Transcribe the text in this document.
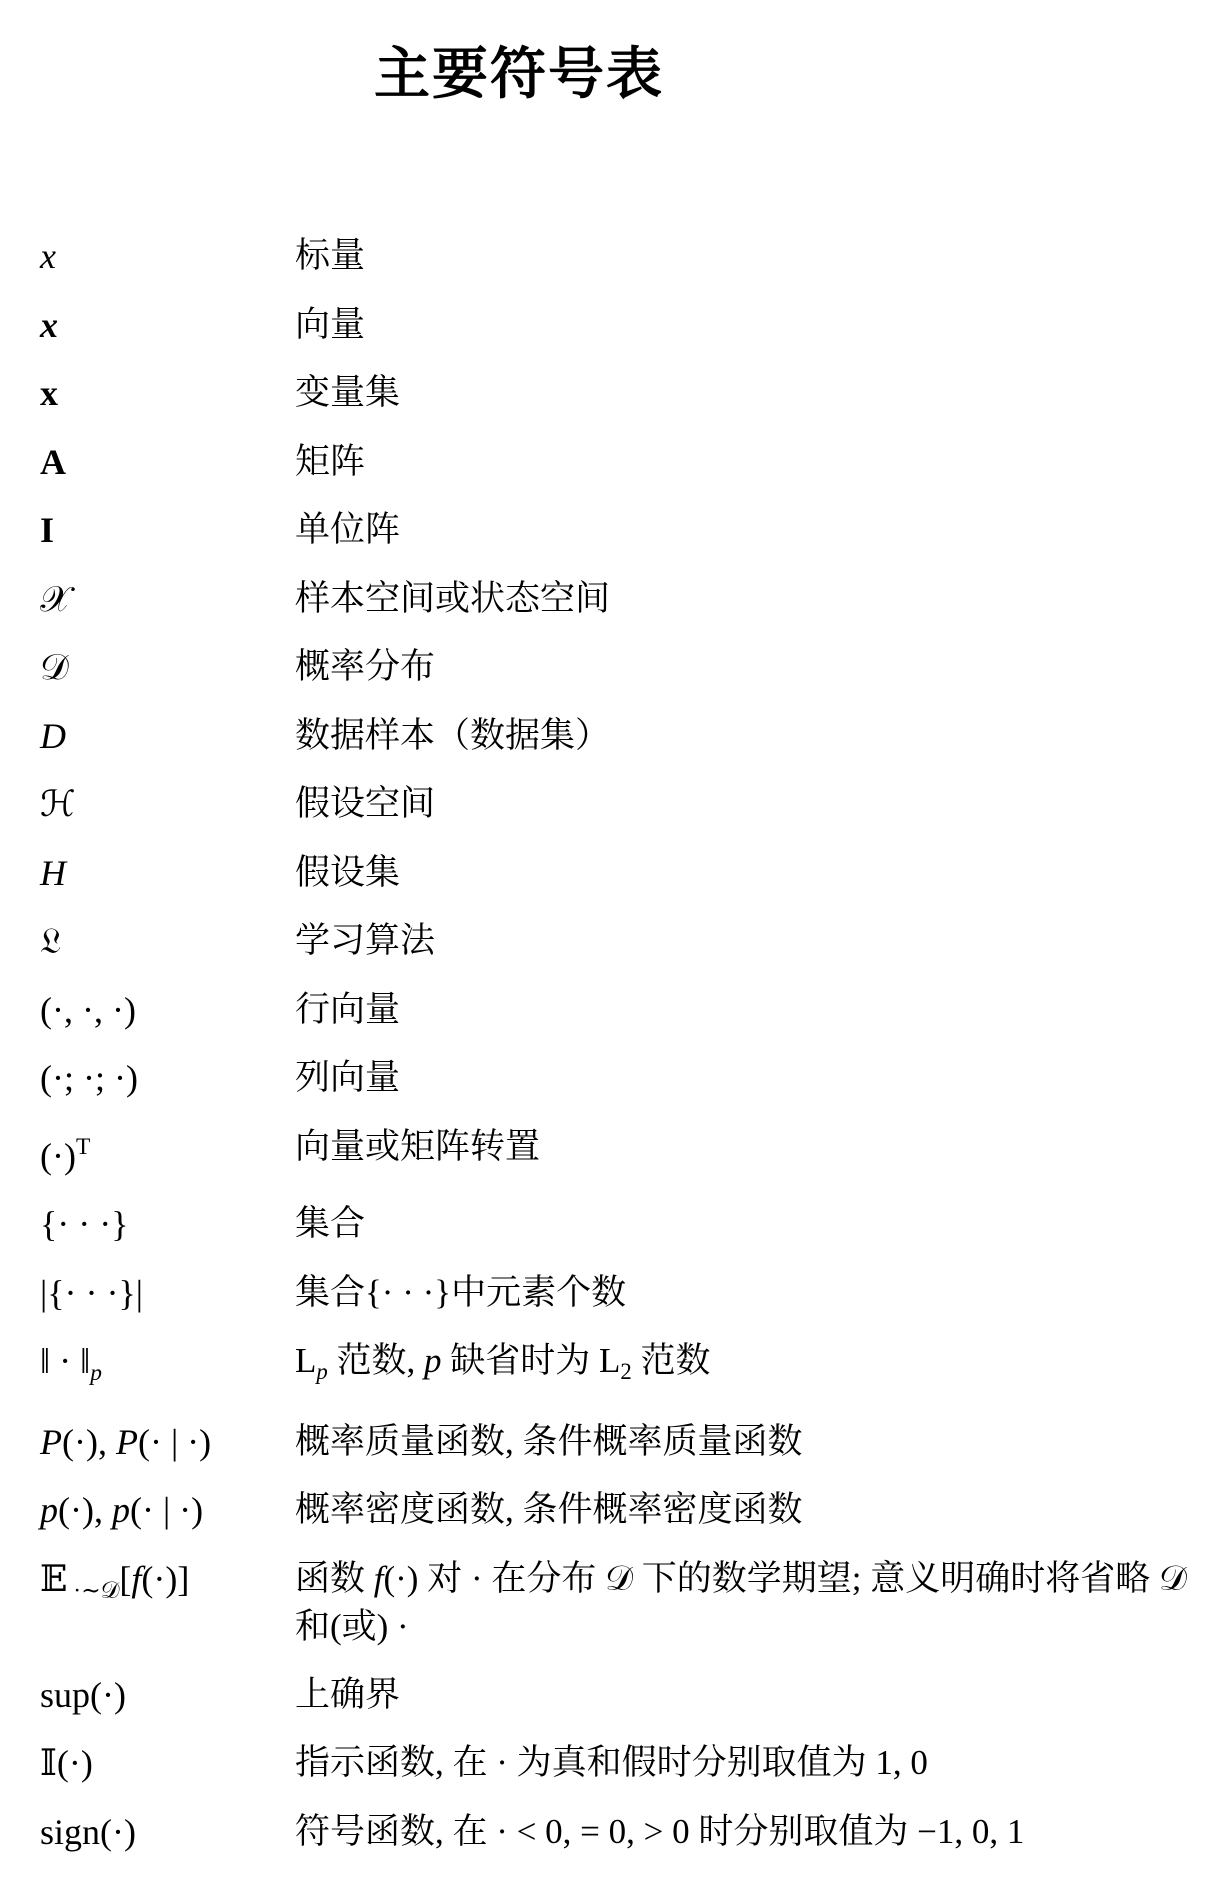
主要符号表
x	标量
x	向量
x	变量集
A	矩阵
I	单位阵
𝒳	样本空间或状态空间
𝒟	概率分布
D	数据样本（数据集）
ℋ	假设空间
H	假设集
𝔏	学习算法
(·, ·, ·)	行向量
(·; ·; ·)	列向量
$(\cdot)^T$	向量或矩阵转置
{· · ·}	集合
|{· · ·}|	集合{· · ·}中元素个数
‖ · ‖p	Lp 范数, p 缺省时为 $L_2$ 范数
P(·), P(· | ·)	概率质量函数, 条件概率质量函数
p(·), p(· | ·)	概率密度函数, 条件概率密度函数
𝔼 $_{\cdot\sim 𝒟}$[f(·)]	函数 f(·) 对 · 在分布 𝒟 下的数学期望; 意义明确时将省略 𝒟 和(或) ·
sup(·)	上确界
𝕀(·)	指示函数, 在 · 为真和假时分别取值为 1, 0
sign(·)	符号函数, 在 · < 0, = 0, > 0 时分别取值为 −1, 0, 1
